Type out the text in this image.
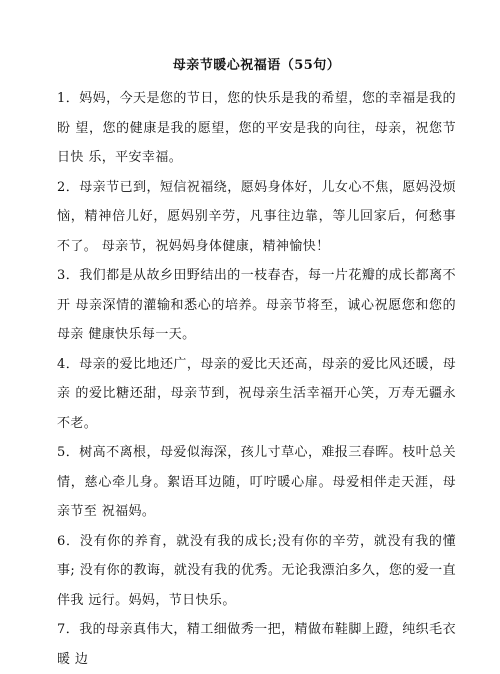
母亲节暖心祝福语（55句）

1．妈妈，今天是您的节日，您的快乐是我的希望，您的幸福是我的盼 望，您的健康是我的愿望，您的平安是我的向往，母亲，祝您节日快 乐，平安幸福。

2．母亲节已到，短信祝福绕，愿妈身体好，儿女心不焦，愿妈没烦恼，精神倍儿好，愿妈别辛劳，凡事往边靠，等儿回家后，何愁事不了。 母亲节，祝妈妈身体健康，精神愉快！

3．我们都是从故乡田野结出的一枝春杏，每一片花瓣的成长都离不开 母亲深情的灌输和悉心的培养。母亲节将至，诚心祝愿您和您的母亲 健康快乐每一天。

4．母亲的爱比地还广，母亲的爱比天还高，母亲的爱比风还暖，母亲 的爱比糖还甜，母亲节到，祝母亲生活幸福开心笑，万寿无疆永不老。

5．树高不离根，母爱似海深，孩儿寸草心，难报三春晖。枝叶总关情，慈心牵儿身。絮语耳边随，叮咛暖心扉。母爱相伴走天涯，母亲节至 祝福妈。

6．没有你的养育，就没有我的成长;没有你的辛劳，就没有我的懂事; 没有你的教诲，就没有我的优秀。无论我漂泊多久，您的爱一直伴我 远行。妈妈，节日快乐。

7．我的母亲真伟大，精工细做秀一把，精做布鞋脚上蹬，纯织毛衣暖 边
